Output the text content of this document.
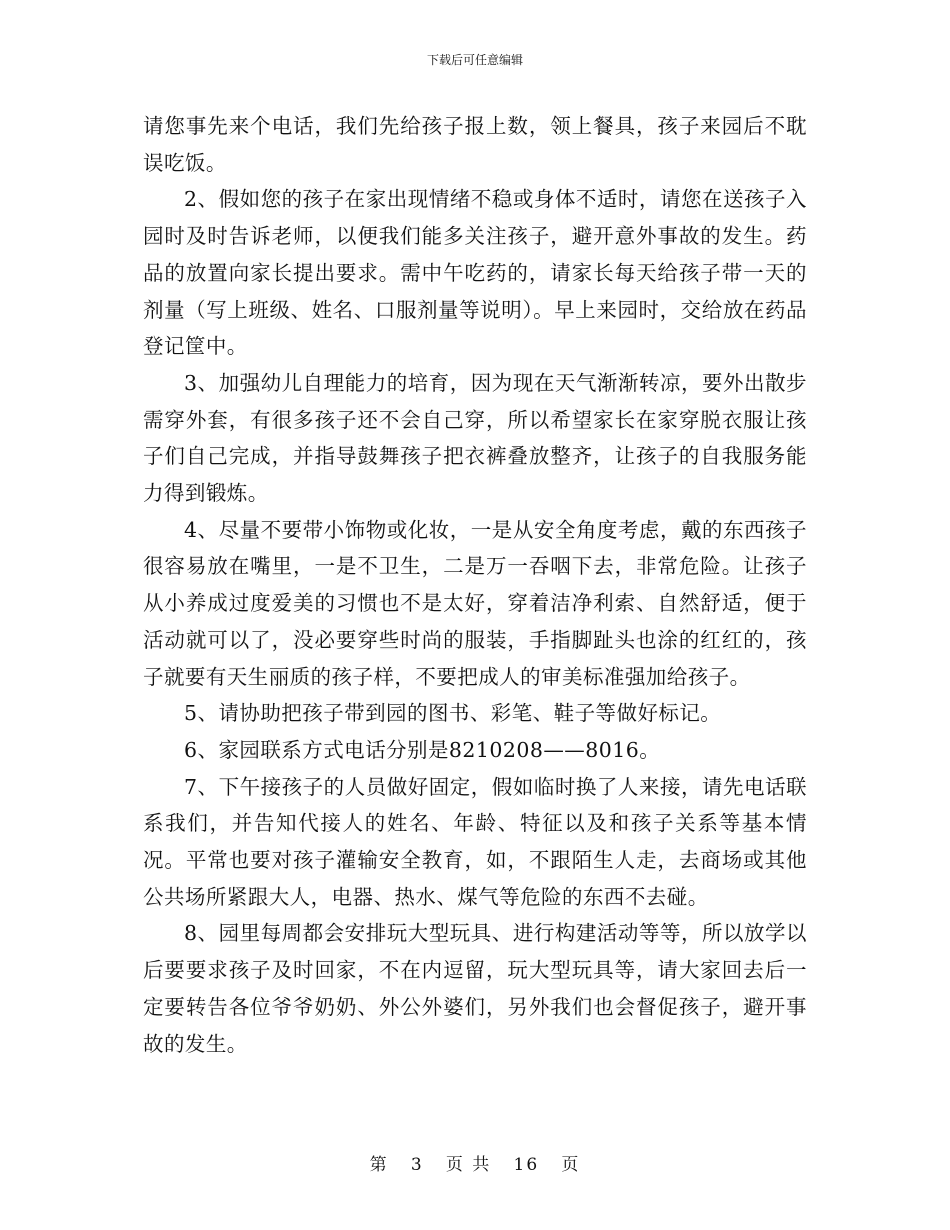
下载后可任意编辑

请您事先来个电话，我们先给孩子报上数，领上餐具，孩子来园后不耽误吃饭。

2、假如您的孩子在家出现情绪不稳或身体不适时，请您在送孩子入园时及时告诉老师，以便我们能多关注孩子，避开意外事故的发生。药品的放置向家长提出要求。需中午吃药的，请家长每天给孩子带一天的剂量（写上班级、姓名、口服剂量等说明）。早上来园时，交给放在药品登记筐中。

3、加强幼儿自理能力的培育，因为现在天气渐渐转凉，要外出散步需穿外套，有很多孩子还不会自己穿，所以希望家长在家穿脱衣服让孩子们自己完成，并指导鼓舞孩子把衣裤叠放整齐，让孩子的自我服务能力得到锻炼。

4、尽量不要带小饰物或化妆，一是从安全角度考虑，戴的东西孩子很容易放在嘴里，一是不卫生，二是万一吞咽下去，非常危险。让孩子从小养成过度爱美的习惯也不是太好，穿着洁净利索、自然舒适，便于活动就可以了，没必要穿些时尚的服装，手指脚趾头也涂的红红的，孩子就要有天生丽质的孩子样，不要把成人的审美标准强加给孩子。

5、请协助把孩子带到园的图书、彩笔、鞋子等做好标记。

6、家园联系方式电话分别是8210208——8016。

7、下午接孩子的人员做好固定，假如临时换了人来接，请先电话联系我们，并告知代接人的姓名、年龄、特征以及和孩子关系等基本情况。平常也要对孩子灌输安全教育，如，不跟陌生人走，去商场或其他公共场所紧跟大人，电器、热水、煤气等危险的东西不去碰。

8、园里每周都会安排玩大型玩具、进行构建活动等等，所以放学以后要要求孩子及时回家，不在内逗留，玩大型玩具等，请大家回去后一定要转告各位爷爷奶奶、外公外婆们，另外我们也会督促孩子，避开事故的发生。

第 3 页 共 16 页
